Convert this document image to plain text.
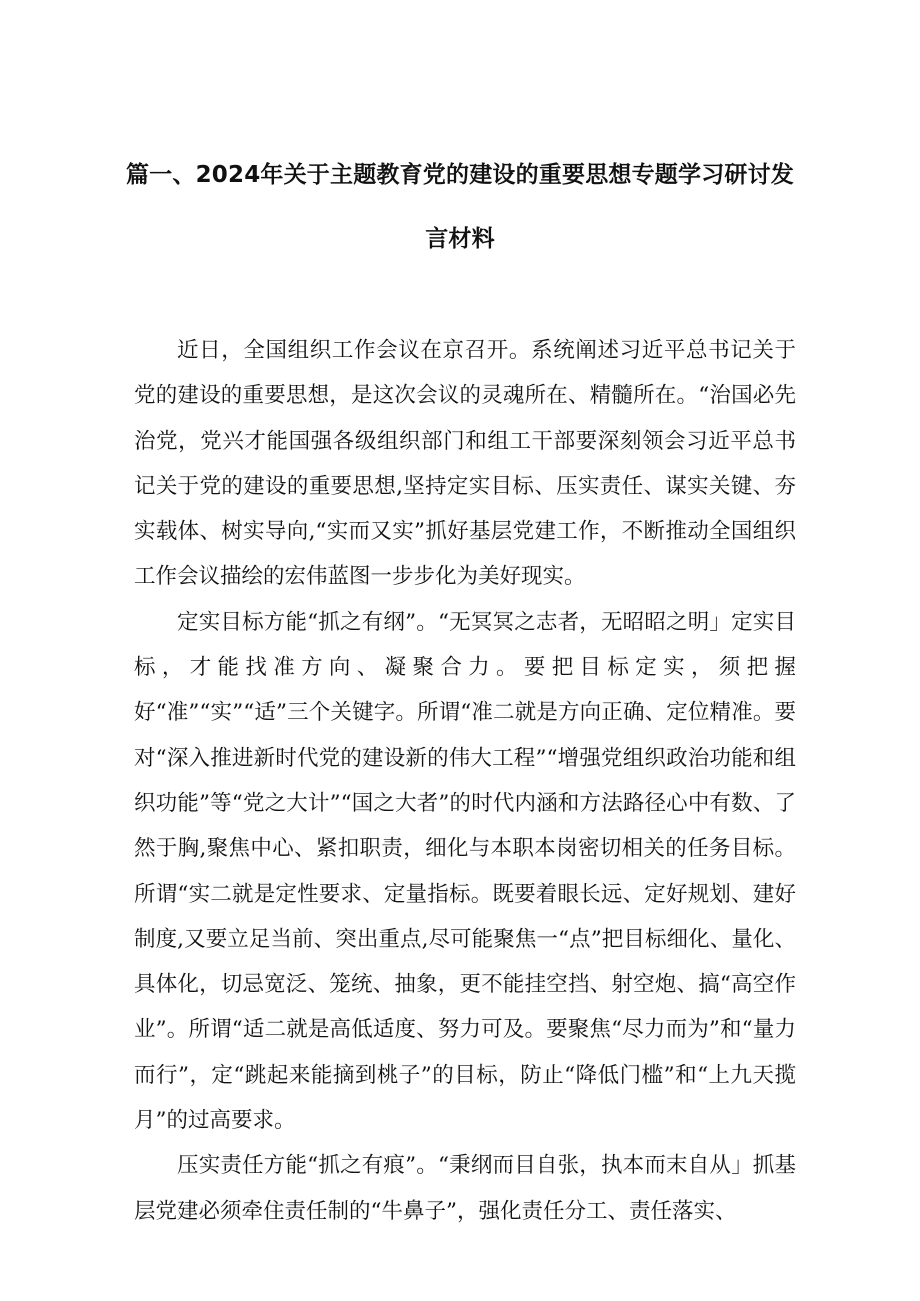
篇一、2024年关于主题教育党的建设的重要思想专题学习研讨发
言材料

近日，全国组织工作会议在京召开。系统阐述习近平总书记关于党的建设的重要思想，是这次会议的灵魂所在、精髓所在。“治国必先治党，党兴才能国强各级组织部门和组工干部要深刻领会习近平总书记关于党的建设的重要思想,坚持定实目标、压实责任、谋实关键、夯实载体、树实导向,“实而又实”抓好基层党建工作，不断推动全国组织工作会议描绘的宏伟蓝图一步步化为美好现实。

定实目标方能“抓之有纲”。“无冥冥之志者，无昭昭之明」定实目标，才能找准方向、凝聚合力。要把目标定实，须把握好“准”“实”“适”三个关键字。所谓“准二就是方向正确、定位精准。要对“深入推进新时代党的建设新的伟大工程”“增强党组织政治功能和组织功能”等“党之大计”“国之大者”的时代内涵和方法路径心中有数、了然于胸,聚焦中心、紧扣职责，细化与本职本岗密切相关的任务目标。所谓“实二就是定性要求、定量指标。既要着眼长远、定好规划、建好制度,又要立足当前、突出重点,尽可能聚焦一“点”把目标细化、量化、具体化，切忌宽泛、笼统、抽象，更不能挂空挡、射空炮、搞“高空作业”。所谓“适二就是高低适度、努力可及。要聚焦“尽力而为”和“量力而行”，定“跳起来能摘到桃子”的目标，防止“降低门槛”和“上九天揽月”的过高要求。

压实责任方能“抓之有痕”。“秉纲而目自张，执本而末自从」抓基层党建必须牵住责任制的“牛鼻子”，强化责任分工、责任落实、
